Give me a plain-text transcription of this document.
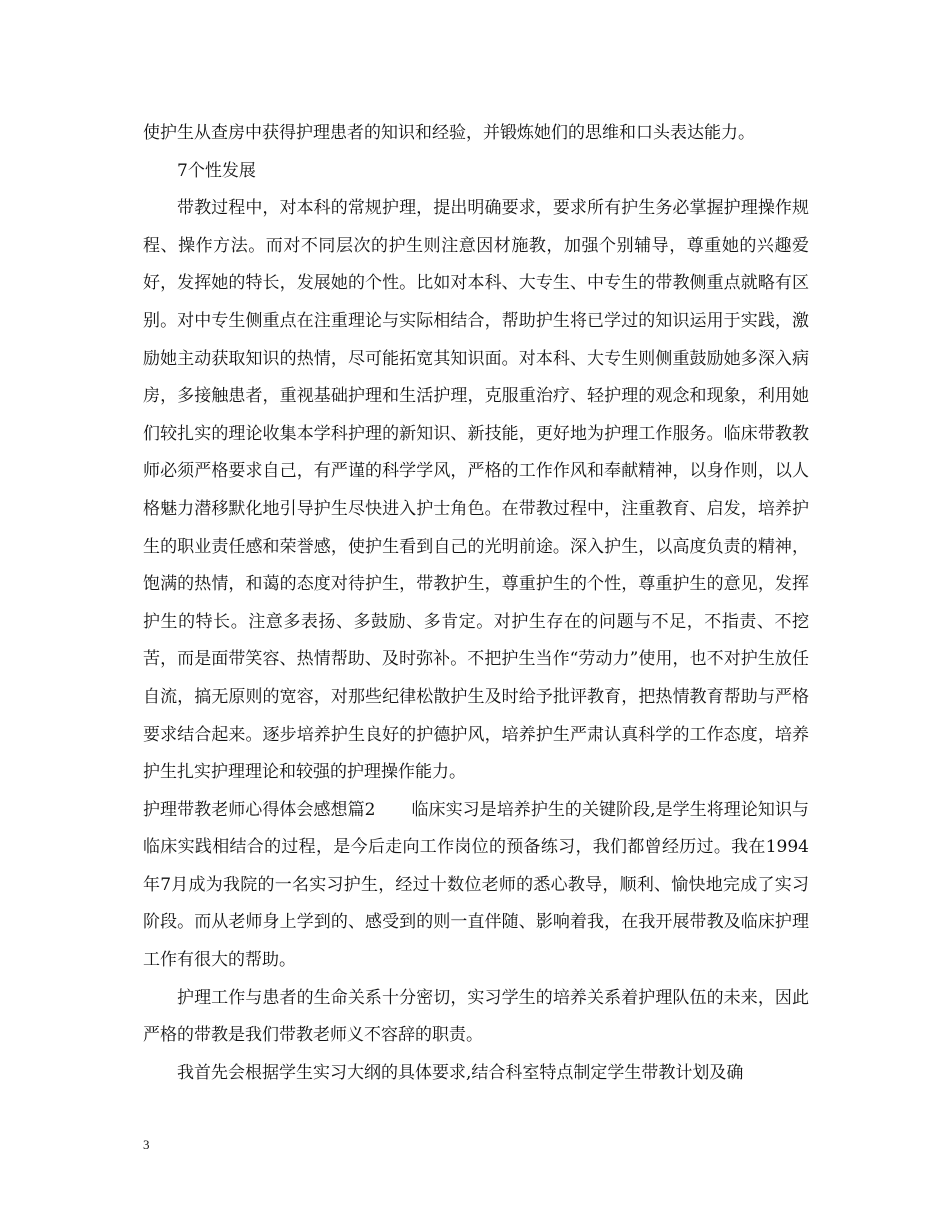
使护生从查房中获得护理患者的知识和经验，并锻炼她们的思维和口头表达能力。

7个性发展

带教过程中，对本科的常规护理，提出明确要求，要求所有护生务必掌握护理操作规程、操作方法。而对不同层次的护生则注意因材施教，加强个别辅导，尊重她的兴趣爱好，发挥她的特长，发展她的个性。比如对本科、大专生、中专生的带教侧重点就略有区别。对中专生侧重点在注重理论与实际相结合，帮助护生将已学过的知识运用于实践，激励她主动获取知识的热情，尽可能拓宽其知识面。对本科、大专生则侧重鼓励她多深入病房，多接触患者，重视基础护理和生活护理，克服重治疗、轻护理的观念和现象，利用她们较扎实的理论收集本学科护理的新知识、新技能，更好地为护理工作服务。临床带教教师必须严格要求自己，有严谨的科学学风，严格的工作作风和奉献精神，以身作则，以人格魅力潜移默化地引导护生尽快进入护士角色。在带教过程中，注重教育、启发，培养护生的职业责任感和荣誉感，使护生看到自己的光明前途。深入护生，以高度负责的精神，饱满的热情，和蔼的态度对待护生，带教护生，尊重护生的个性，尊重护生的意见，发挥护生的特长。注意多表扬、多鼓励、多肯定。对护生存在的问题与不足，不指责、不挖苦，而是面带笑容、热情帮助、及时弥补。不把护生当作“劳动力”使用，也不对护生放任自流，搞无原则的宽容，对那些纪律松散护生及时给予批评教育，把热情教育帮助与严格要求结合起来。逐步培养护生良好的护德护风，培养护生严肃认真科学的工作态度，培养护生扎实护理理论和较强的护理操作能力。

护理带教老师心得体会感想篇2 临床实习是培养护生的关键阶段,是学生将理论知识与临床实践相结合的过程，是今后走向工作岗位的预备练习，我们都曾经历过。我在1994年7月成为我院的一名实习护生，经过十数位老师的悉心教导，顺利、愉快地完成了实习阶段。而从老师身上学到的、感受到的则一直伴随、影响着我，在我开展带教及临床护理工作有很大的帮助。

护理工作与患者的生命关系十分密切，实习学生的培养关系着护理队伍的未来，因此严格的带教是我们带教老师义不容辞的职责。

我首先会根据学生实习大纲的具体要求,结合科室特点制定学生带教计划及确

3
